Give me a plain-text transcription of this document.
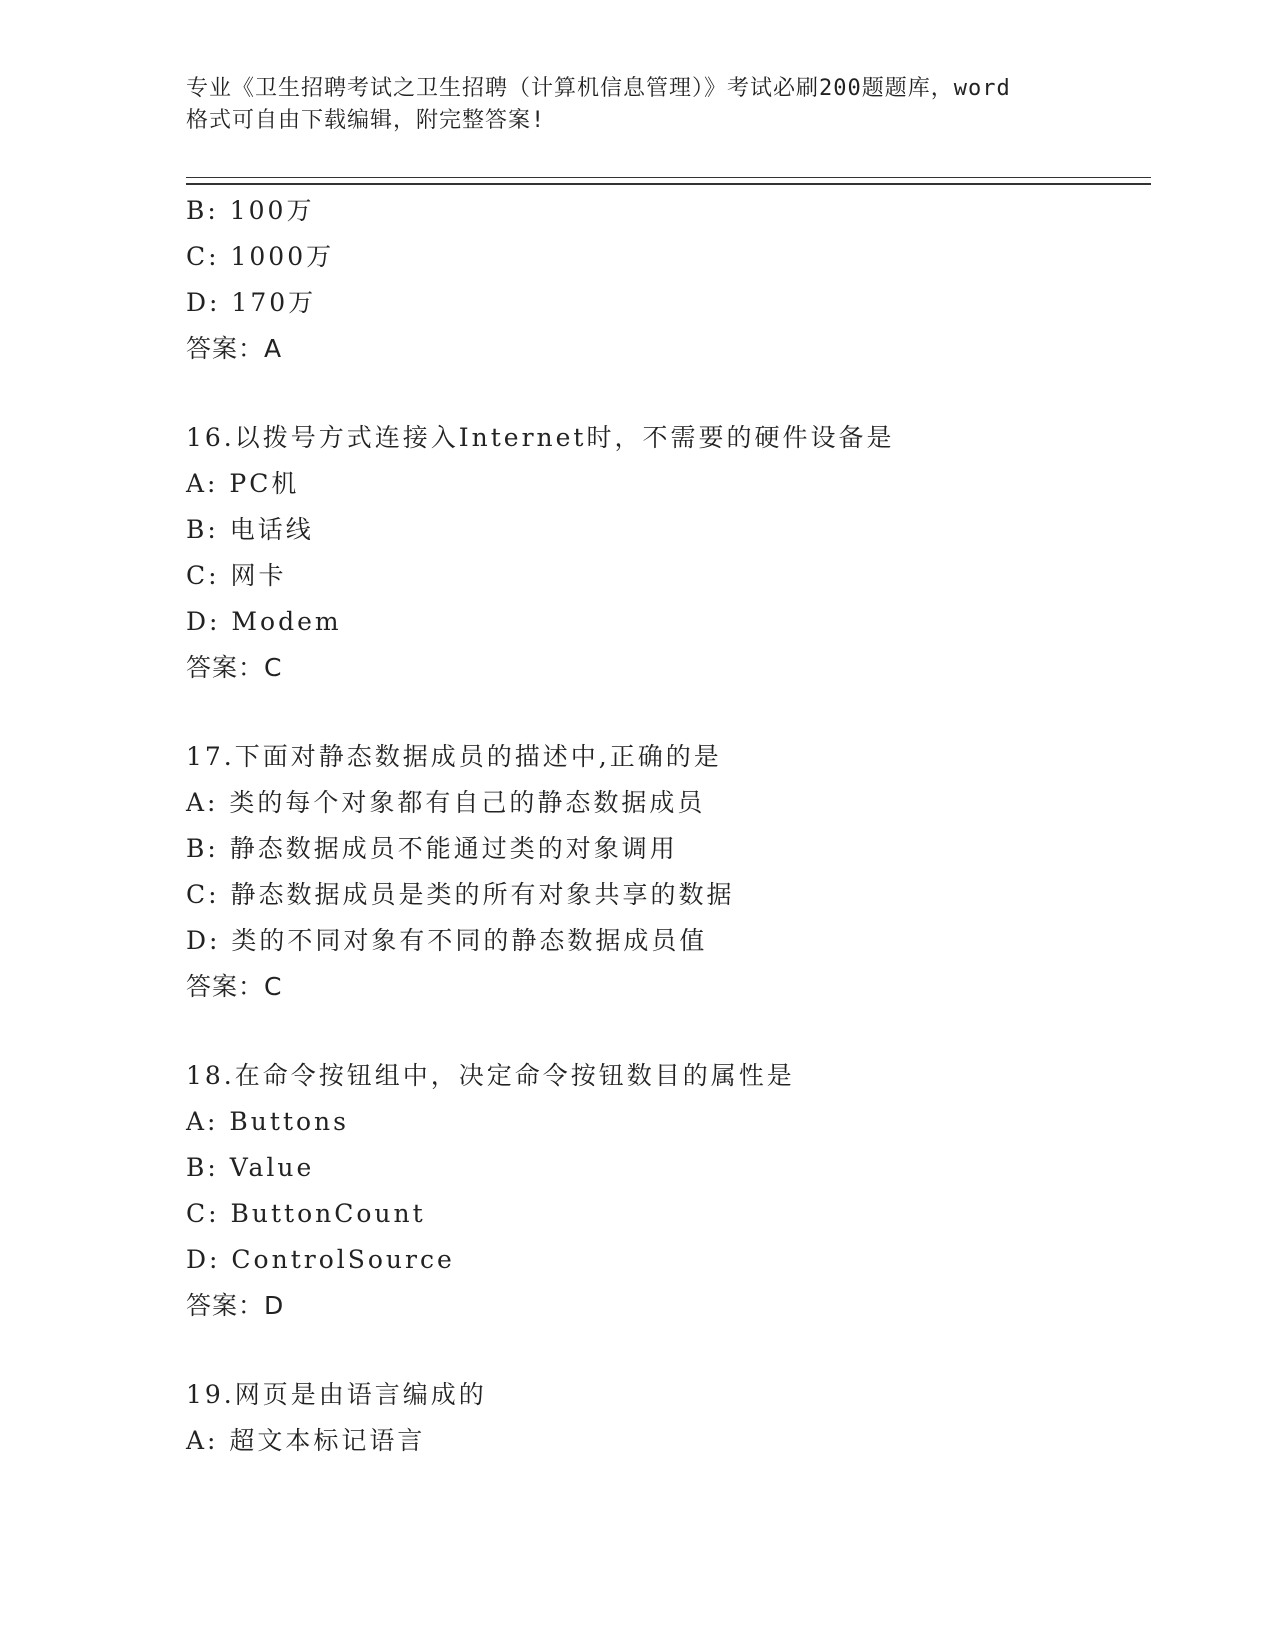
专业《卫生招聘考试之卫生招聘（计算机信息管理）》考试必刷200题题库，word
格式可自由下载编辑，附完整答案!
B: 100万
C: 1000万
D: 170万
答案：A
16.以拨号方式连接入Internet时，不需要的硬件设备是
A: PC机
B: 电话线
C: 网卡
D: Modem
答案：C
17.下面对静态数据成员的描述中,正确的是
A: 类的每个对象都有自己的静态数据成员
B: 静态数据成员不能通过类的对象调用
C: 静态数据成员是类的所有对象共享的数据
D: 类的不同对象有不同的静态数据成员值
答案：C
18.在命令按钮组中，决定命令按钮数目的属性是
A: Buttons
B: Value
C: ButtonCount
D: ControlSource
答案：D
19.网页是由语言编成的
A: 超文本标记语言
